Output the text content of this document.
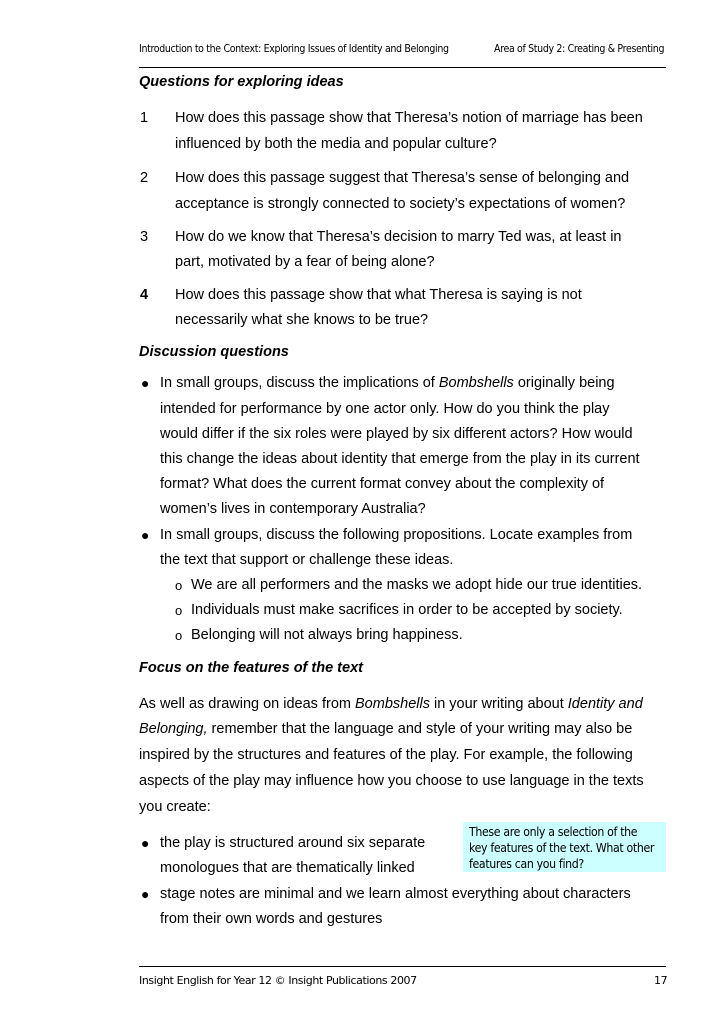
Introduction to the Context: Exploring Issues of Identity and Belonging	Area of Study 2: Creating & Presenting
Questions for exploring ideas
1 How does this passage show that Theresa’s notion of marriage has been
influenced by both the media and popular culture?
2 How does this passage suggest that Theresa’s sense of belonging and
acceptance is strongly connected to society’s expectations of women?
3 How do we know that Theresa’s decision to marry Ted was, at least in
part, motivated by a fear of being alone?
4 How does this passage show that what Theresa is saying is not
necessarily what she knows to be true?
Discussion questions
● In small groups, discuss the implications of Bombshells originally being
intended for performance by one actor only. How do you think the play
would differ if the six roles were played by six different actors? How would
this change the ideas about identity that emerge from the play in its current
format? What does the current format convey about the complexity of
women’s lives in contemporary Australia?
● In small groups, discuss the following propositions. Locate examples from
the text that support or challenge these ideas.
o We are all performers and the masks we adopt hide our true identities.
o Individuals must make sacrifices in order to be accepted by society.
o Belonging will not always bring happiness.
Focus on the features of the text
As well as drawing on ideas from Bombshells in your writing about Identity and
Belonging, remember that the language and style of your writing may also be
inspired by the structures and features of the play. For example, the following
aspects of the play may influence how you choose to use language in the texts
you create:
These are only a selection of the
key features of the text. What other
features can you find?
● the play is structured around six separate
monologues that are thematically linked
● stage notes are minimal and we learn almost everything about characters
from their own words and gestures
Insight English for Year 12 © Insight Publications 2007	17
